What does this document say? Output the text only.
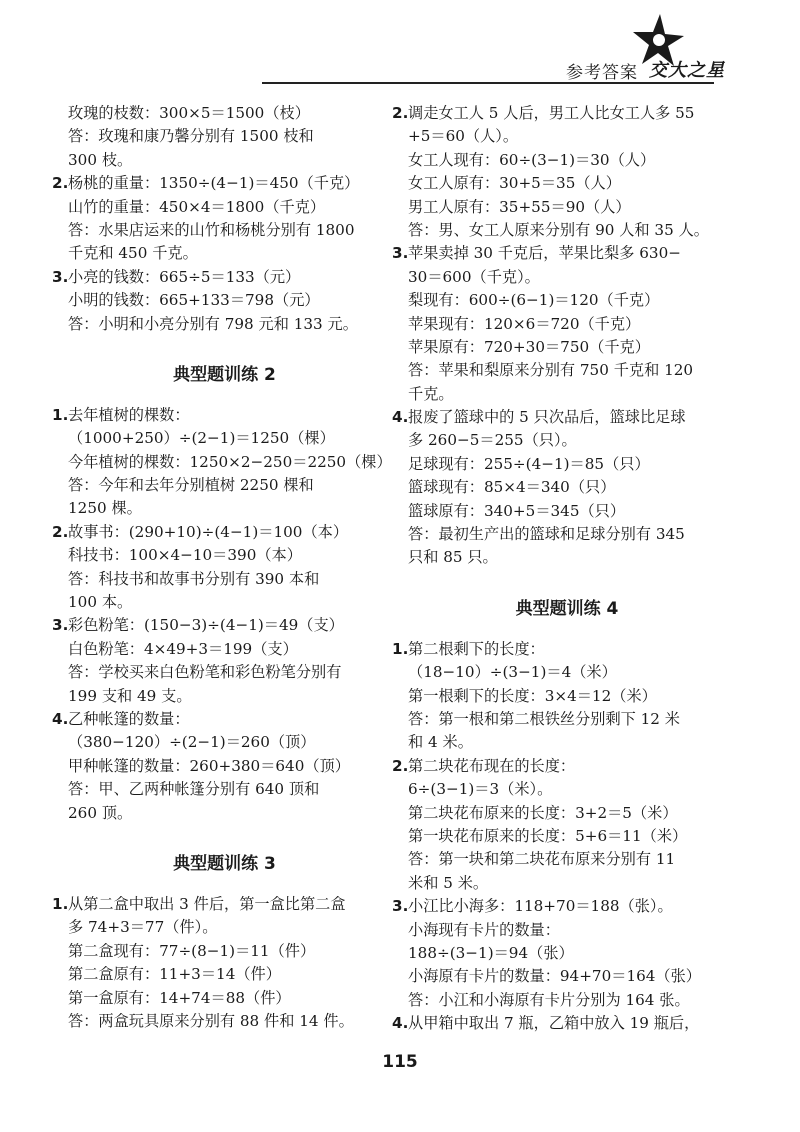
参考答案 交大之星
玫瑰的枝数：300×5＝1500（枝）
答：玫瑰和康乃馨分别有 1500 枝和
300 枝。
2.杨桃的重量：1350÷(4−1)＝450（千克）
山竹的重量：450×4＝1800（千克）
答：水果店运来的山竹和杨桃分别有 1800
千克和 450 千克。
3.小亮的钱数：665÷5＝133（元）
小明的钱数：665+133＝798（元）
答：小明和小亮分别有 798 元和 133 元。
典型题训练 2
1.去年植树的棵数：
（1000+250）÷(2−1)＝1250（棵）
今年植树的棵数：1250×2−250＝2250（棵）
答：今年和去年分别植树 2250 棵和
1250 棵。
2.故事书：(290+10)÷(4−1)＝100（本）
科技书：100×4−10＝390（本）
答：科技书和故事书分别有 390 本和
100 本。
3.彩色粉笔：(150−3)÷(4−1)＝49（支）
白色粉笔：4×49+3＝199（支）
答：学校买来白色粉笔和彩色粉笔分别有
199 支和 49 支。
4.乙种帐篷的数量：
（380−120）÷(2−1)＝260（顶）
甲种帐篷的数量：260+380＝640（顶）
答：甲、乙两种帐篷分别有 640 顶和
260 顶。
典型题训练 3
1.从第二盒中取出 3 件后，第一盒比第二盒
多 74+3＝77（件）。
第二盒现有：77÷(8−1)＝11（件）
第二盒原有：11+3＝14（件）
第一盒原有：14+74＝88（件）
答：两盒玩具原来分别有 88 件和 14 件。
2.调走女工人 5 人后，男工人比女工人多 55
+5＝60（人）。
女工人现有：60÷(3−1)＝30（人）
女工人原有：30+5＝35（人）
男工人原有：35+55＝90（人）
答：男、女工人原来分别有 90 人和 35 人。
3.苹果卖掉 30 千克后，苹果比梨多 630−
30＝600（千克）。
梨现有：600÷(6−1)＝120（千克）
苹果现有：120×6＝720（千克）
苹果原有：720+30＝750（千克）
答：苹果和梨原来分别有 750 千克和 120
千克。
4.报废了篮球中的 5 只次品后，篮球比足球
多 260−5＝255（只）。
足球现有：255÷(4−1)＝85（只）
篮球现有：85×4＝340（只）
篮球原有：340+5＝345（只）
答：最初生产出的篮球和足球分别有 345
只和 85 只。
典型题训练 4
1.第二根剩下的长度：
（18−10）÷(3−1)＝4（米）
第一根剩下的长度：3×4＝12（米）
答：第一根和第二根铁丝分别剩下 12 米
和 4 米。
2.第二块花布现在的长度：
6÷(3−1)＝3（米）。
第二块花布原来的长度：3+2＝5（米）
第一块花布原来的长度：5+6＝11（米）
答：第一块和第二块花布原来分别有 11
米和 5 米。
3.小江比小海多：118+70＝188（张）。
小海现有卡片的数量：
188÷(3−1)＝94（张）
小海原有卡片的数量：94+70＝164（张）
答：小江和小海原有卡片分别为 164 张。
4.从甲箱中取出 7 瓶，乙箱中放入 19 瓶后，
115
